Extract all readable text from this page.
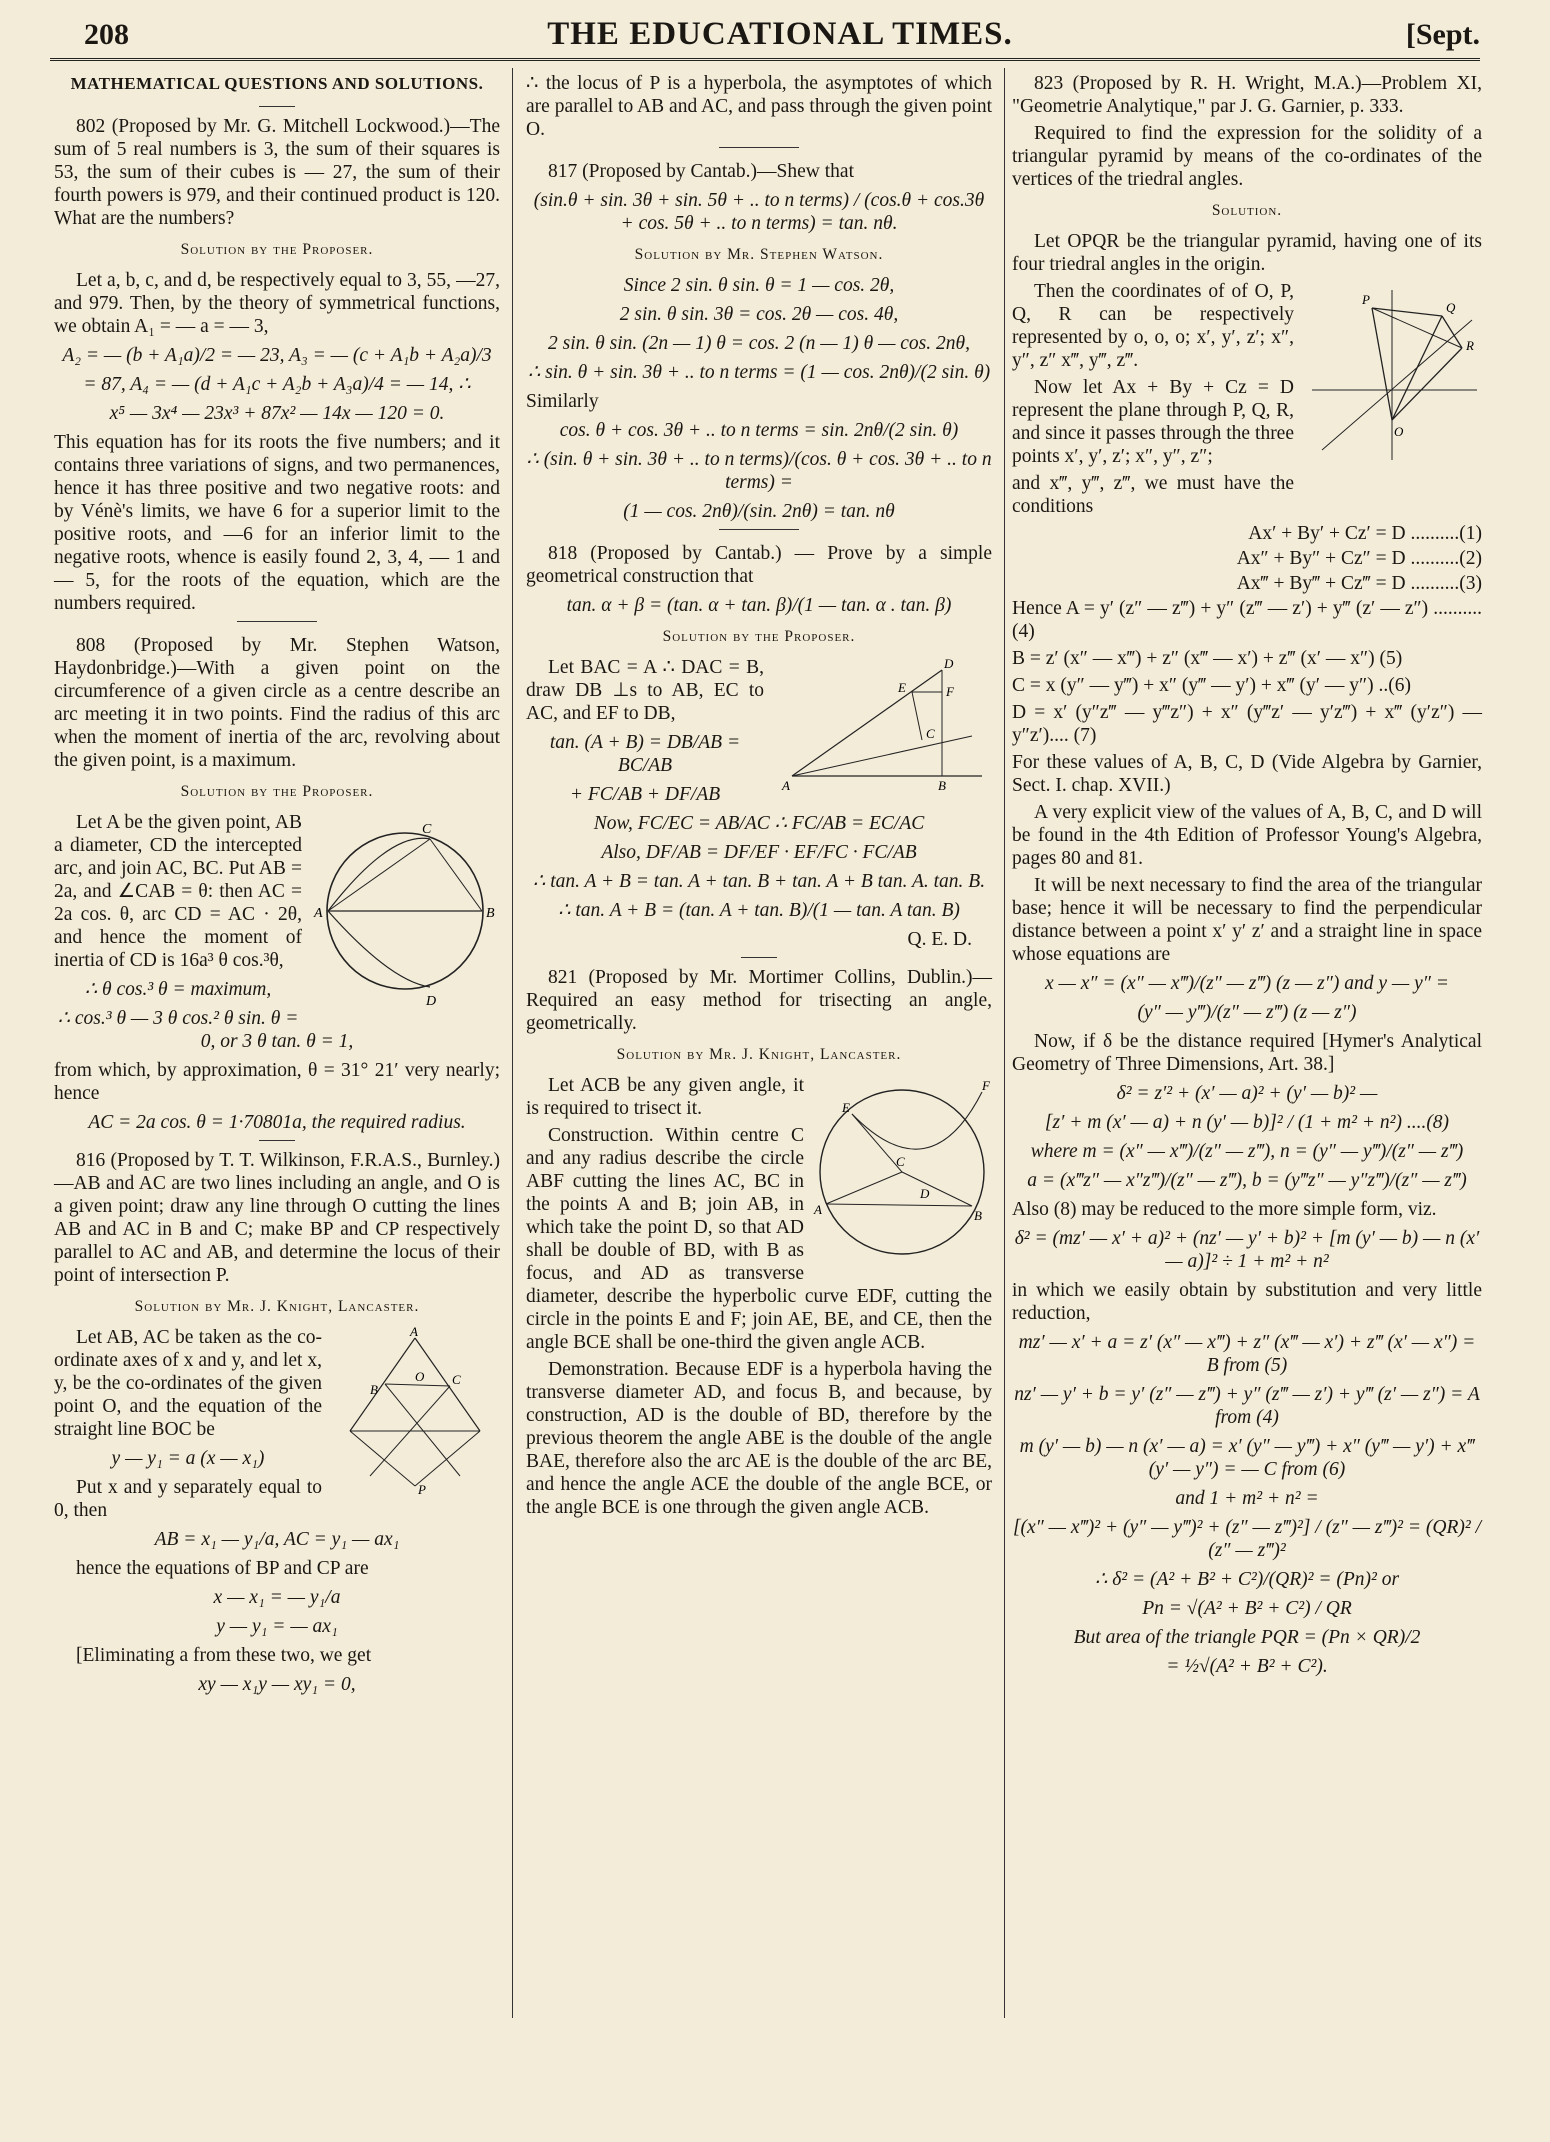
208	THE EDUCATIONAL TIMES.	[Sept.
MATHEMATICAL QUESTIONS AND SOLUTIONS.

802 (Proposed by Mr. G. Mitchell Lockwood.)—The sum of 5 real numbers is 3, the sum of their squares is 53, the sum of their cubes is — 27, the sum of their fourth powers is 979, and their continued product is 120. What are the numbers?

Solution by the Proposer.

Let a, b, c, and d, be respectively equal to 3, 55, —27, and 979. Then, by the theory of symmetrical functions, we obtain A₁ = — a = — 3,

A₂ = — (b + A₁a)/2 = — 23, A₃ = — (c + A₁b + A₂a)/3
= 87, A₄ = — (d + A₁c + A₂b + A₃a)/4 = — 14, ∴
x⁵ — 3x⁴ — 23x³ + 87x² — 14x — 120 = 0.

This equation has for its roots the five numbers; and it contains three variations of signs, and two permanences, hence it has three positive and two negative roots: and by Vénè's limits, we have 6 for a superior limit to the positive roots, and —6 for an inferior limit to the negative roots, whence is easily found 2, 3, 4, — 1 and — 5, for the roots of the equation, which are the numbers required.

808 (Proposed by Mr. Stephen Watson, Haydonbridge.)—With a given point on the circumference of a given circle as a centre describe an arc meeting it in two points. Find the radius of this arc when the moment of inertia of the arc, revolving about the given point, is a maximum.

Solution by the Proposer.
C
A	B
D

Let A be the given point, AB a diameter, CD the intercepted arc, and join AC, BC. Put AB = 2a, and ∠CAB = θ: then AC = 2a cos. θ, arc CD = AC · 2θ, and hence the moment of inertia of CD is 16a³ θ cos.³θ,

∴ θ cos.³ θ = maximum,
∴ cos.³ θ — 3 θ cos.² θ sin. θ = 0, or 3 θ tan. θ = 1,

from which, by approximation, θ = 31° 21′ very nearly; hence

AC = 2a cos. θ = 1·70801a, the required radius.

816 (Proposed by T. T. Wilkinson, F.R.A.S., Burnley.)—AB and AC are two lines including an angle, and O is a given point; draw any line through O cutting the lines AB and AC in B and C; make BP and CP respectively parallel to AC and AB, and determine the locus of their point of intersection P.

Solution by Mr. J. Knight, Lancaster.
A
O C
B
P

Let AB, AC be taken as the co-ordinate axes of x and y, and let x, y, be the co-ordinates of the given point O, and the equation of the straight line BOC be

y — y₁ = a (x — x₁)

Put x and y separately equal to 0, then

AB = x₁ — y₁/a, AC = y₁ — ax₁

hence the equations of BP and CP are

x — x₁ = — y₁/a
y — y₁ = — ax₁

[Eliminating a from these two, we get

xy — x₁y — xy₁ = 0,

∴ the locus of P is a hyperbola, the asymptotes of which are parallel to AB and AC, and pass through the given point O.

817 (Proposed by Cantab.)—Shew that

(sin.θ + sin. 3θ + sin. 5θ + .. to n terms) / (cos.θ + cos.3θ + cos. 5θ + .. to n terms) = tan. nθ.
Solution by Mr. Stephen Watson.
Since 2 sin. θ sin. θ = 1 — cos. 2θ,
2 sin. θ sin. 3θ = cos. 2θ — cos. 4θ,
2 sin. θ sin. (2n — 1) θ = cos. 2 (n — 1) θ — cos. 2nθ,
∴ sin. θ + sin. 3θ + .. to n terms = (1 — cos. 2nθ)/(2 sin. θ)

Similarly

cos. θ + cos. 3θ + .. to n terms = sin. 2nθ/(2 sin. θ)
∴ (sin. θ + sin. 3θ + .. to n terms)/(cos. θ + cos. 3θ + .. to n terms) =
(1 — cos. 2nθ)/(sin. 2nθ) = tan. nθ

818 (Proposed by Cantab.) — Prove by a simple geometrical construction that

tan. α + β = (tan. α + tan. β)/(1 — tan. α . tan. β)
Solution by the Proposer.
D
E	F
C
A	B

Let BAC = A ∴ DAC = B, draw DB ⊥s to AB, EC to AC, and EF to DB,

tan. (A + B) = DB/AB = BC/AB
+ FC/AB + DF/AB
Now, FC/EC = AB/AC ∴ FC/AB = EC/AC
Also, DF/AB = DF/EF · EF/FC · FC/AB
∴ tan. A + B = tan. A + tan. B + tan. A + B tan. A. tan. B.
∴ tan. A + B = (tan. A + tan. B)/(1 — tan. A tan. B)
Q. E. D.

821 (Proposed by Mr. Mortimer Collins, Dublin.)—Required an easy method for trisecting an angle, geometrically.

Solution by Mr. J. Knight, Lancaster.
F
E
C
D
A	B

Let ACB be any given angle, it is required to trisect it.

Construction. Within centre C and any radius describe the circle ABF cutting the lines AC, BC in the points A and B; join AB, in which take the point D, so that AD shall be double of BD, with B as focus, and AD as transverse diameter, describe the hyperbolic curve EDF, cutting the circle in the points E and F; join AE, BE, and CE, then the angle BCE shall be one-third the given angle ACB.

Demonstration. Because EDF is a hyperbola having the transverse diameter AD, and focus B, and because, by construction, AD is the double of BD, therefore by the previous theorem the angle ABE is the double of the angle BAE, therefore also the arc AE is the double of the arc BE, and hence the angle ACE the double of the angle BCE, or the angle BCE is one through the given angle ACB.

823 (Proposed by R. H. Wright, M.A.)—Problem XI, "Geometrie Analytique," par J. G. Garnier, p. 333.

Required to find the expression for the solidity of a triangular pyramid by means of the co-ordinates of the vertices of the triedral angles.

Solution.

Let OPQR be the triangular pyramid, having one of its four triedral angles in the origin.

P
Q
R
O

Then the coordinates of of O, P, Q, R can be respectively represented by o, o, o; x′, y′, z′; x″, y″, z″ x‴, y‴, z‴.

Now let Ax + By + Cz = D represent the plane through P, Q, R, and since it passes through the three points x′, y′, z′; x″, y″, z″;

and x‴, y‴, z‴, we must have the conditions

Ax′ + By′ + Cz′ = D ..........(1)
Ax″ + By″ + Cz″ = D ..........(2)
Ax‴ + By‴ + Cz‴ = D ..........(3)

Hence A = y′ (z″ — z‴) + y″ (z‴ — z′) + y‴ (z′ — z″) ..........(4)

B = z′ (x″ — x‴) + z″ (x‴ — x′) + z‴ (x′ — x″) (5)

C = x (y″ — y‴) + x″ (y‴ — y′) + x‴ (y′ — y″) ..(6)

D = x′ (y″z‴ — y‴z″) + x″ (y‴z′ — y′z‴) + x‴ (y′z″) — y″z′).... (7)

For these values of A, B, C, D (Vide Algebra by Garnier, Sect. I. chap. XVII.)

A very explicit view of the values of A, B, C, and D will be found in the 4th Edition of Professor Young's Algebra, pages 80 and 81.

It will be next necessary to find the area of the triangular base; hence it will be necessary to find the perpendicular distance between a point x′ y′ z′ and a straight line in space whose equations are

x — x″ = (x″ — x‴)/(z″ — z‴) (z — z″) and y — y″ =
(y″ — y‴)/(z″ — z‴) (z — z″)

Now, if δ be the distance required [Hymer's Analytical Geometry of Three Dimensions, Art. 38.]

δ² = z′² + (x′ — a)² + (y′ — b)² —
[z′ + m (x′ — a) + n (y′ — b)]² / (1 + m² + n²) ....(8)
where m = (x″ — x‴)/(z″ — z‴), n = (y″ — y‴)/(z″ — z‴)
a = (x‴z″ — x″z‴)/(z″ — z‴), b = (y‴z″ — y″z‴)/(z″ — z‴)

Also (8) may be reduced to the more simple form, viz.

δ² = (mz′ — x′ + a)² + (nz′ — y′ + b)² + [m (y′ — b) — n (x′ — a)]² ÷ 1 + m² + n²

in which we easily obtain by substitution and very little reduction,

mz′ — x′ + a = z′ (x″ — x‴) + z″ (x‴ — x′) + z‴ (x′ — x″) = B from (5)
nz′ — y′ + b = y′ (z″ — z‴) + y″ (z‴ — z′) + y‴ (z′ — z″) = A from (4)
m (y′ — b) — n (x′ — a) = x′ (y″ — y‴) + x″ (y‴ — y′) + x‴ (y′ — y″) = — C from (6)
and 1 + m² + n² =
[(x″ — x‴)² + (y″ — y‴)² + (z″ — z‴)²] / (z″ — z‴)² = (QR)² / (z″ — z‴)²
∴ δ² = (A² + B² + C²)/(QR)² = (Pn)² or
Pn = √(A² + B² + C²) / QR
But area of the triangle PQR = (Pn × QR)/2
= ½√(A² + B² + C²).
